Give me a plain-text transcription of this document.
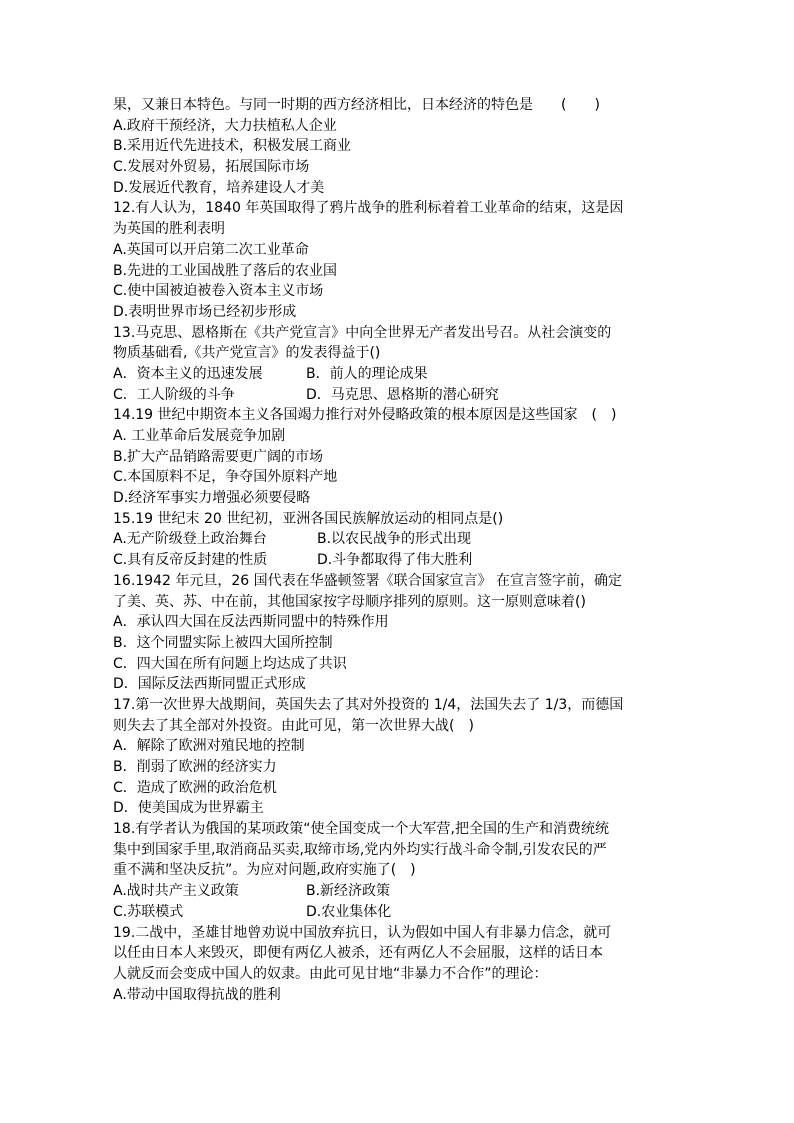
果，又兼日本特色。与同一时期的西方经济相比，日本经济的特色是　　(　　)
A.政府干预经济，大力扶植私人企业
B.采用近代先进技术，积极发展工商业
C.发展对外贸易，拓展国际市场
D.发展近代教育，培养建设人才美
12.有人认为，1840 年英国取得了鸦片战争的胜利标着着工业革命的结束，这是因
为英国的胜利表明
A.英国可以开启第二次工业革命
B.先进的工业国战胜了落后的农业国
C.使中国被迫被卷入资本主义市场
D.表明世界市场已经初步形成
13.马克思、恩格斯在《共产党宣言》中向全世界无产者发出号召。从社会演变的
物质基础看,《共产党宣言》的发表得益于()
A．资本主义的迅速发展	B．前人的理论成果
C．工人阶级的斗争	D．马克思、恩格斯的潜心研究
14.19 世纪中期资本主义各国竭力推行对外侵略政策的根本原因是这些国家　(　)
A. 工业革命后发展竞争加剧
B.扩大产品销路需要更广阔的市场
C.本国原料不足，争夺国外原料产地
D.经济军事实力增强必须要侵略
15.19 世纪末 20 世纪初，亚洲各国民族解放运动的相同点是()
A.无产阶级登上政治舞台	B.以农民战争的形式出现
C.具有反帝反封建的性质	D.斗争都取得了伟大胜利
16.1942 年元旦，26 国代表在华盛顿签署《联合国家宣言》 在宣言签字前，确定
了美、英、苏、中在前，其他国家按字母顺序排列的原则。这一原则意味着()
A．承认四大国在反法西斯同盟中的特殊作用
B．这个同盟实际上被四大国所控制
C．四大国在所有问题上均达成了共识
D．国际反法西斯同盟正式形成
17.第一次世界大战期间，英国失去了其对外投资的 1/4，法国失去了 1/3，而德国
则失去了其全部对外投资。由此可见，第一次世界大战(　)
A．解除了欧洲对殖民地的控制
B．削弱了欧洲的经济实力
C．造成了欧洲的政治危机
D．使美国成为世界霸主
18.有学者认为俄国的某项政策“使全国变成一个大军营,把全国的生产和消费统统
集中到国家手里,取消商品买卖,取缔市场,党内外均实行战斗命令制,引发农民的严
重不满和坚决反抗”。为应对问题,政府实施了(　)
A.战时共产主义政策	B.新经济政策
C.苏联模式	D.农业集体化
19.二战中，圣雄甘地曾劝说中国放弃抗日，认为假如中国人有非暴力信念，就可
以任由日本人来毁灭，即便有两亿人被杀，还有两亿人不会屈服，这样的话日本
人就反而会变成中国人的奴隶。由此可见甘地“非暴力不合作”的理论：
A.带动中国取得抗战的胜利
